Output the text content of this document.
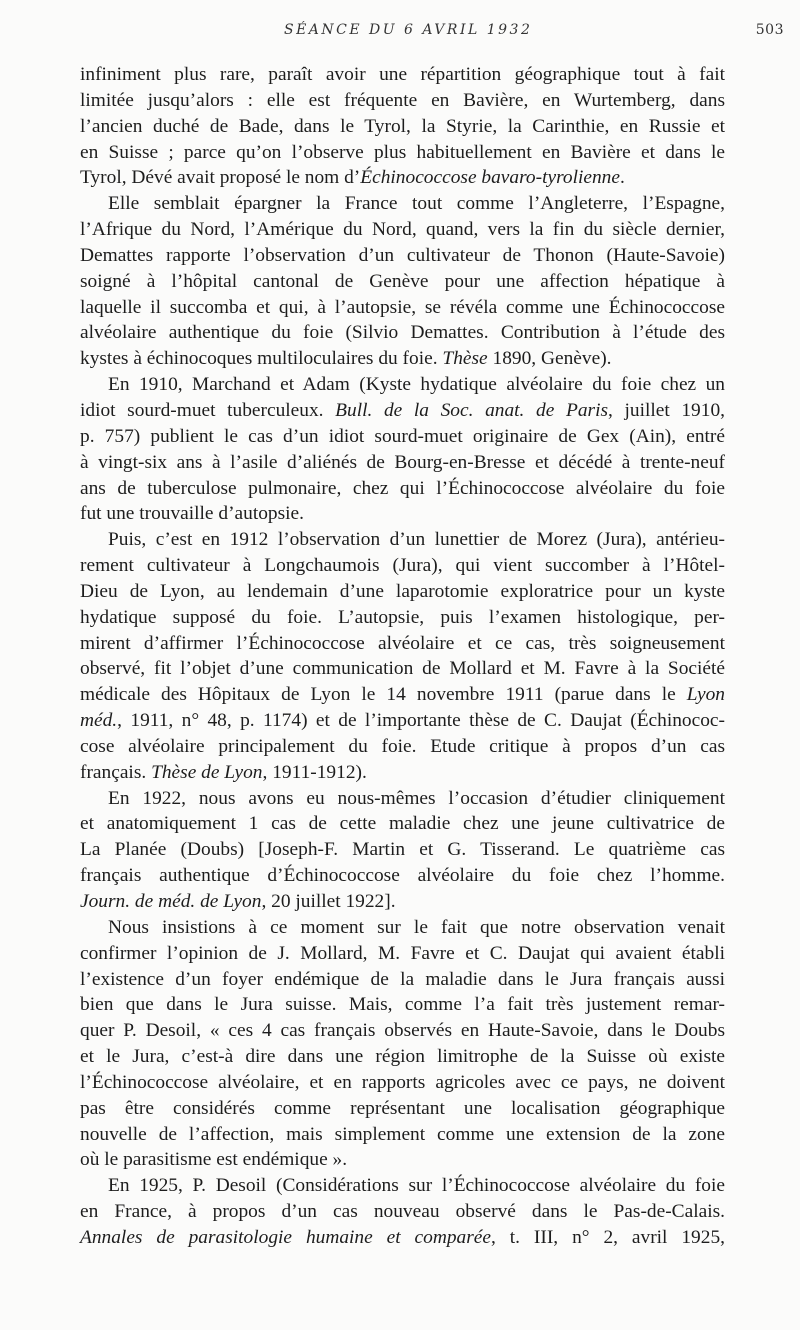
SÉANCE DU 6 AVRIL 1932	503
infiniment plus rare, paraît avoir une répartition géographique tout à fait
limitée jusqu’alors : elle est fréquente en Bavière, en Wurtemberg, dans
l’ancien duché de Bade, dans le Tyrol, la Styrie, la Carinthie, en Russie et
en Suisse ; parce qu’on l’observe plus habituellement en Bavière et dans le
Tyrol, Dévé avait proposé le nom d’Échinococcose bavaro-tyrolienne.
Elle semblait épargner la France tout comme l’Angleterre, l’Espagne,
l’Afrique du Nord, l’Amérique du Nord, quand, vers la fin du siècle dernier,
Demattes rapporte l’observation d’un cultivateur de Thonon (Haute-Savoie)
soigné à l’hôpital cantonal de Genève pour une affection hépatique à
laquelle il succomba et qui, à l’autopsie, se révéla comme une Échinococcose
alvéolaire authentique du foie (Silvio Demattes. Contribution à l’étude des
kystes à échinocoques multiloculaires du foie. Thèse 1890, Genève).
En 1910, Marchand et Adam (Kyste hydatique alvéolaire du foie chez un
idiot sourd-muet tuberculeux. Bull. de la Soc. anat. de Paris, juillet 1910,
p. 757) publient le cas d’un idiot sourd-muet originaire de Gex (Ain), entré
à vingt-six ans à l’asile d’aliénés de Bourg-en-Bresse et décédé à trente-neuf
ans de tuberculose pulmonaire, chez qui l’Échinococcose alvéolaire du foie
fut une trouvaille d’autopsie.
Puis, c’est en 1912 l’observation d’un lunettier de Morez (Jura), antérieu-
rement cultivateur à Longchaumois (Jura), qui vient succomber à l’Hôtel-
Dieu de Lyon, au lendemain d’une laparotomie exploratrice pour un kyste
hydatique supposé du foie. L’autopsie, puis l’examen histologique, per-
mirent d’affirmer l’Échinococcose alvéolaire et ce cas, très soigneusement
observé, fit l’objet d’une communication de Mollard et M. Favre à la Société
médicale des Hôpitaux de Lyon le 14 novembre 1911 (parue dans le Lyon
méd., 1911, n° 48, p. 1174) et de l’importante thèse de C. Daujat (Échinococ-
cose alvéolaire principalement du foie. Etude critique à propos d’un cas
français. Thèse de Lyon, 1911-1912).
En 1922, nous avons eu nous-mêmes l’occasion d’étudier cliniquement
et anatomiquement 1 cas de cette maladie chez une jeune cultivatrice de
La Planée (Doubs) [Joseph-F. Martin et G. Tisserand. Le quatrième cas
français authentique d’Échinococcose alvéolaire du foie chez l’homme.
Journ. de méd. de Lyon, 20 juillet 1922].
Nous insistions à ce moment sur le fait que notre observation venait
confirmer l’opinion de J. Mollard, M. Favre et C. Daujat qui avaient établi
l’existence d’un foyer endémique de la maladie dans le Jura français aussi
bien que dans le Jura suisse. Mais, comme l’a fait très justement remar-
quer P. Desoil, « ces 4 cas français observés en Haute-Savoie, dans le Doubs
et le Jura, c’est-à dire dans une région limitrophe de la Suisse où existe
l’Échinococcose alvéolaire, et en rapports agricoles avec ce pays, ne doivent
pas être considérés comme représentant une localisation géographique
nouvelle de l’affection, mais simplement comme une extension de la zone
où le parasitisme est endémique ».
En 1925, P. Desoil (Considérations sur l’Échinococcose alvéolaire du foie
en France, à propos d’un cas nouveau observé dans le Pas-de-Calais.
Annales de parasitologie humaine et comparée, t. III, n° 2, avril 1925,
